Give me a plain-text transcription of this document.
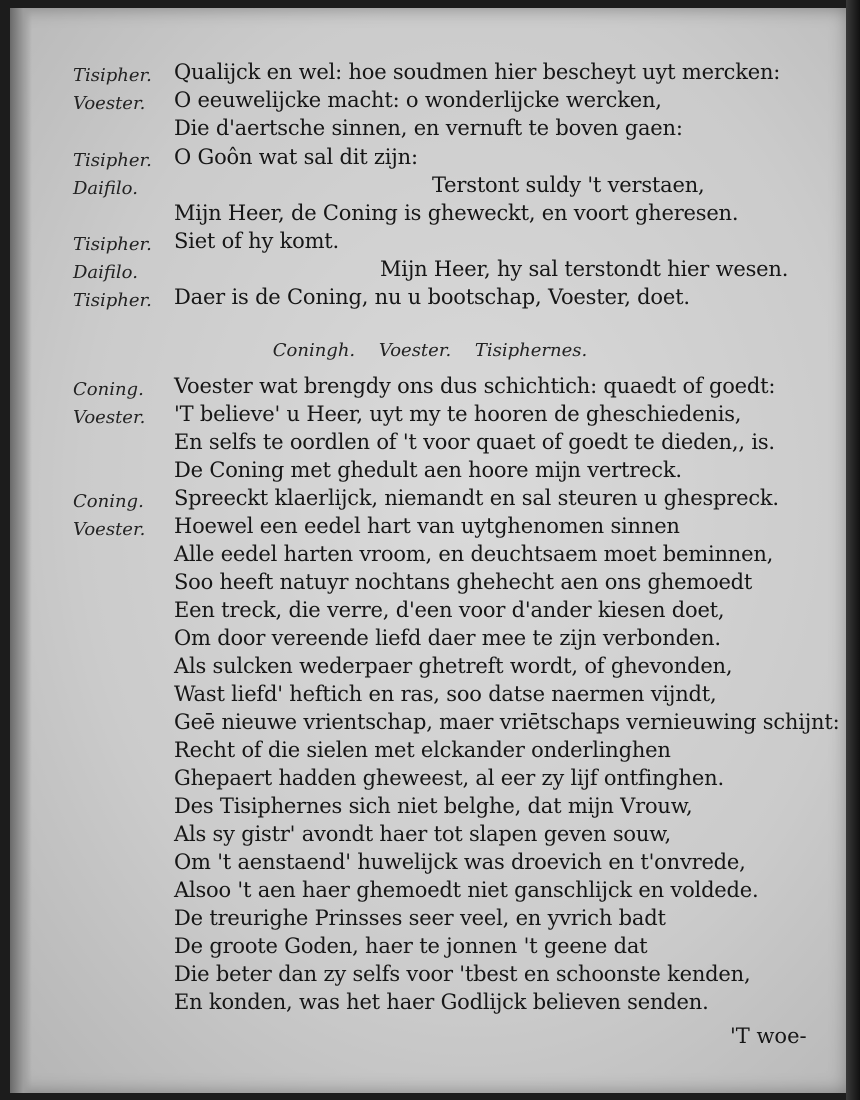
Tisipher.	Qualijck en wel: hoe soudmen hier bescheyt uyt mercken:
Voester.	O eeuwelijcke macht: o wonderlijcke wercken,
Die d'aertsche sinnen, en vernuft te boven gaen:
Tisipher.	O Goôn wat sal dit zijn:
Daifilo.	Terstont suldy 't verstaen,
Mijn Heer, de Coning is gheweckt, en voort gheresen.
Tisipher.	Siet of hy komt.
Daifilo.	Mijn Heer, hy sal terstondt hier wesen.
Tisipher.	Daer is de Coning, nu u bootschap, Voester, doet.
Coningh. Voester. Tisiphernes.
Coning.	Voester wat brengdy ons dus schichtich: quaedt of goedt:
Voester.	'T believe' u Heer, uyt my te hooren de gheschiedenis,
En selfs te oordlen of 't voor quaet of goedt te dieden,, is.
De Coning met ghedult aen hoore mijn vertreck.
Coning.	Spreeckt klaerlijck, niemandt en sal steuren u ghespreck.
Voester.	Hoewel een eedel hart van uytghenomen sinnen
Alle eedel harten vroom, en deuchtsaem moet beminnen,
Soo heeft natuyr nochtans ghehecht aen ons ghemoedt
Een treck, die verre, d'een voor d'ander kiesen doet,
Om door vereende liefd daer mee te zijn verbonden.
Als sulcken wederpaer ghetreft wordt, of ghevonden,
Wast liefd' heftich en ras, soo datse naermen vijndt,
Geē nieuwe vrientschap, maer vriētschaps vernieuwing schijnt:
Recht of die sielen met elckander onderlinghen
Ghepaert hadden gheweest, al eer zy lijf ontfinghen.
Des Tisiphernes sich niet belghe, dat mijn Vrouw,
Als sy gistr' avondt haer tot slapen geven souw,
Om 't aenstaend' huwelijck was droevich en t'onvrede,
Alsoo 't aen haer ghemoedt niet ganschlijck en voldede.
De treurighe Prinsses seer veel, en yvrich badt
De groote Goden, haer te jonnen 't geene dat
Die beter dan zy selfs voor 'tbest en schoonste kenden,
En konden, was het haer Godlijck believen senden.
'T woe-
